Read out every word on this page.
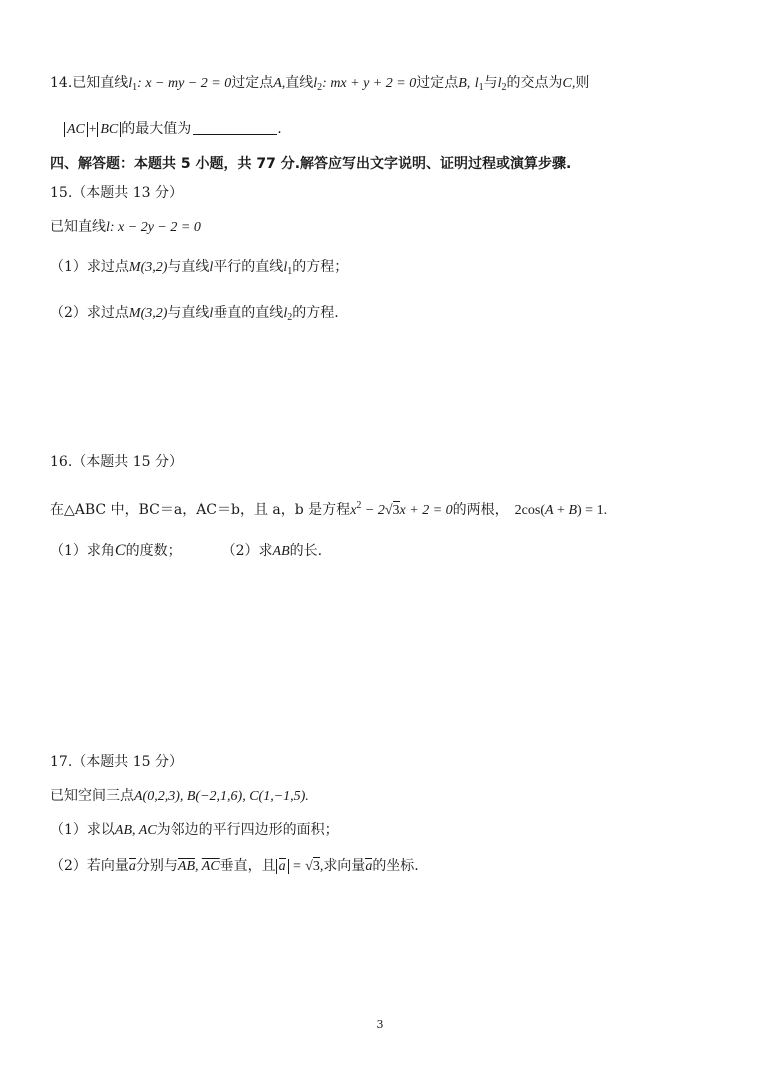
14.已知直线$l_1$: x − my − 2 = 0过定点A,直线$l_2$: mx + y + 2 = 0过定点B, $l_1$与$l_2$的交点为C,则
AC + BC 的最大值为	.
四、解答题：本题共 5 小题，共 77 分.解答应写出文字说明、证明过程或演算步骤.
15.（本题共 13 分）
已知直线l: x − 2y − 2 = 0
（1）求过点M(3,2)与直线l平行的直线$l_1$的方程；
（2）求过点M(3,2)与直线l垂直的直线$l_2$的方程.
16.（本题共 15 分）
在△ABC 中，BC＝a，AC＝b，且 a，b 是方程$x^2 - 2√3x + 2 = 0$的两根， 2cos(A + B) = 1.
（1）求角C的度数；	（2）求AB的长.
17.（本题共 15 分）
已知空间三点A(0,2,3), B(−2,1,6), C(1,−1,5).
（1）求以AB, AC为邻边的平行四边形的面积；
（2）若向量a分别与$\overline{AB}$, $\overline{AC}$垂直，且 a = √3,求向量a的坐标.
3
